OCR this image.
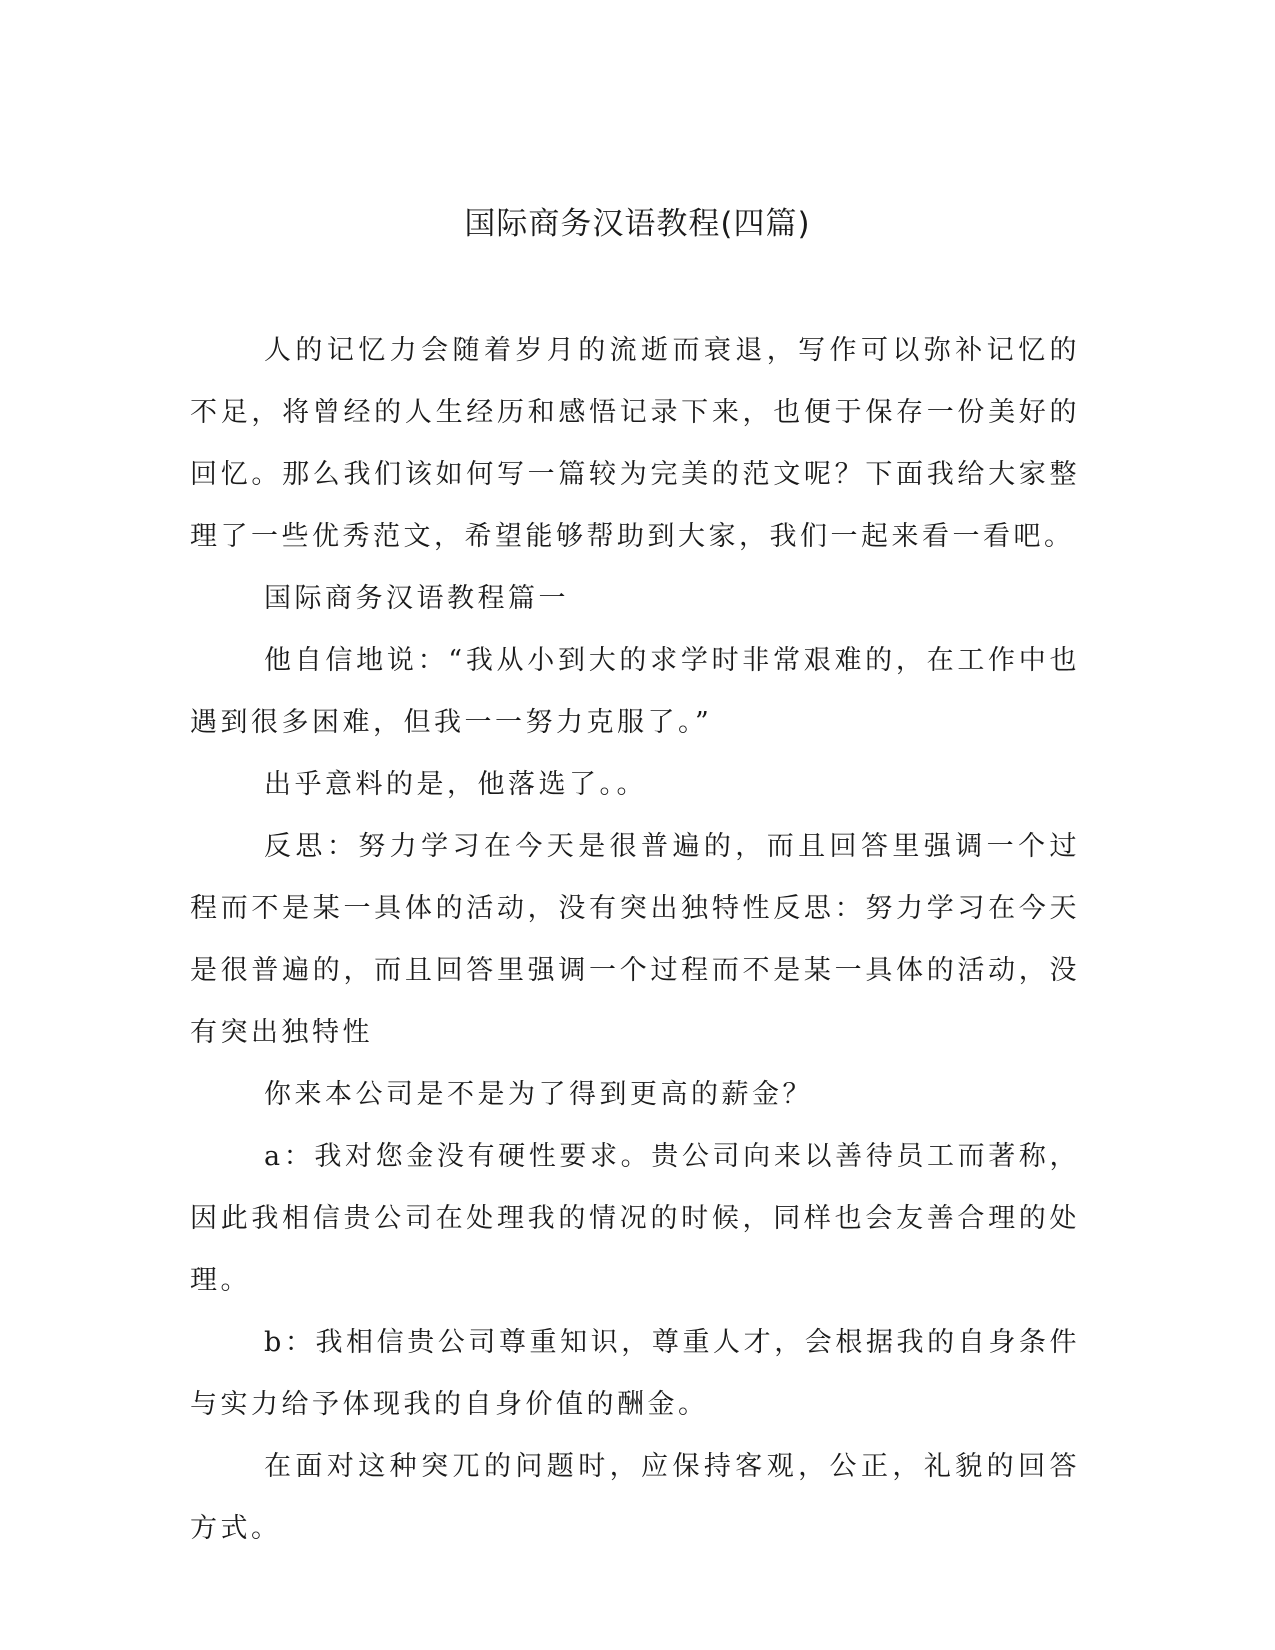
国际商务汉语教程(四篇)

人的记忆力会随着岁月的流逝而衰退，写作可以弥补记忆的不足，将曾经的人生经历和感悟记录下来，也便于保存一份美好的回忆。那么我们该如何写一篇较为完美的范文呢？下面我给大家整理了一些优秀范文，希望能够帮助到大家，我们一起来看一看吧。

国际商务汉语教程篇一

他自信地说：“我从小到大的求学时非常艰难的，在工作中也遇到很多困难，但我一一努力克服了。”

出乎意料的是，他落选了。。

反思：努力学习在今天是很普遍的，而且回答里强调一个过程而不是某一具体的活动，没有突出独特性反思：努力学习在今天是很普遍的，而且回答里强调一个过程而不是某一具体的活动，没有突出独特性

你来本公司是不是为了得到更高的薪金？

a：我对您金没有硬性要求。贵公司向来以善待员工而著称，因此我相信贵公司在处理我的情况的时候，同样也会友善合理的处理。

b：我相信贵公司尊重知识，尊重人才，会根据我的自身条件与实力给予体现我的自身价值的酬金。

在面对这种突兀的问题时，应保持客观，公正，礼貌的回答方式。
